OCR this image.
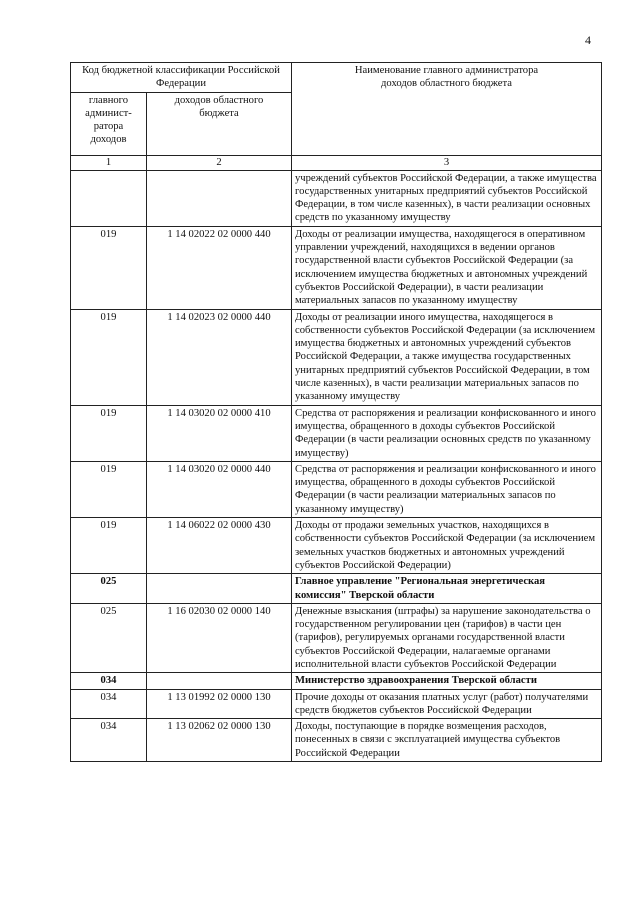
4
Код бюджетной классификации Российской Федерации		Наименование главного администратора доходов областного бюджета

главного админист-ратора доходов	доходов областного бюджета	

1	2	3
		учреждений субъектов Российской Федерации, а также имущества государственных унитарных предприятий субъектов Российской Федерации, в том числе казенных), в части реализации основных средств по указанному имуществу
019	1 14 02022 02 0000 440	Доходы от реализации имущества, находящегося в оперативном управлении учреждений, находящихся в ведении органов государственной власти субъектов Российской Федерации (за исключением имущества бюджетных и автономных учреждений субъектов Российской Федерации), в части реализации материальных запасов по указанному имуществу
019	1 14 02023 02 0000 440	Доходы от реализации иного имущества, находящегося в собственности субъектов Российской Федерации (за исключением имущества бюджетных и автономных учреждений субъектов Российской Федерации, а также имущества государственных унитарных предприятий субъектов Российской Федерации, в том числе казенных), в части реализации материальных запасов по указанному имуществу
019	1 14 03020 02 0000 410	Средства от распоряжения и реализации конфискованного и иного имущества, обращенного в доходы субъектов Российской Федерации (в части реализации основных средств по указанному имуществу)
019	1 14 03020 02 0000 440	Средства от распоряжения и реализации конфискованного и иного имущества, обращенного в доходы субъектов Российской Федерации (в части реализации материальных запасов по указанному имуществу)
019	1 14 06022 02 0000 430	Доходы от продажи земельных участков, находящихся в собственности субъектов Российской Федерации (за исключением земельных участков бюджетных и автономных учреждений субъектов Российской Федерации)
025		Главное управление "Региональная энергетическая комиссия" Тверской области
025	1 16 02030 02 0000 140	Денежные взыскания (штрафы) за нарушение законодательства о государственном регулировании цен (тарифов) в части цен (тарифов), регулируемых органами государственной власти субъектов Российской Федерации, налагаемые органами исполнительной власти субъектов Российской Федерации
034		Министерство здравоохранения Тверской области
034	1 13 01992 02 0000 130	Прочие доходы от оказания платных услуг (работ) получателями средств бюджетов субъектов Российской Федерации
034	1 13 02062 02 0000 130	Доходы, поступающие в порядке возмещения расходов, понесенных в связи с эксплуатацией имущества субъектов Российской Федерации
